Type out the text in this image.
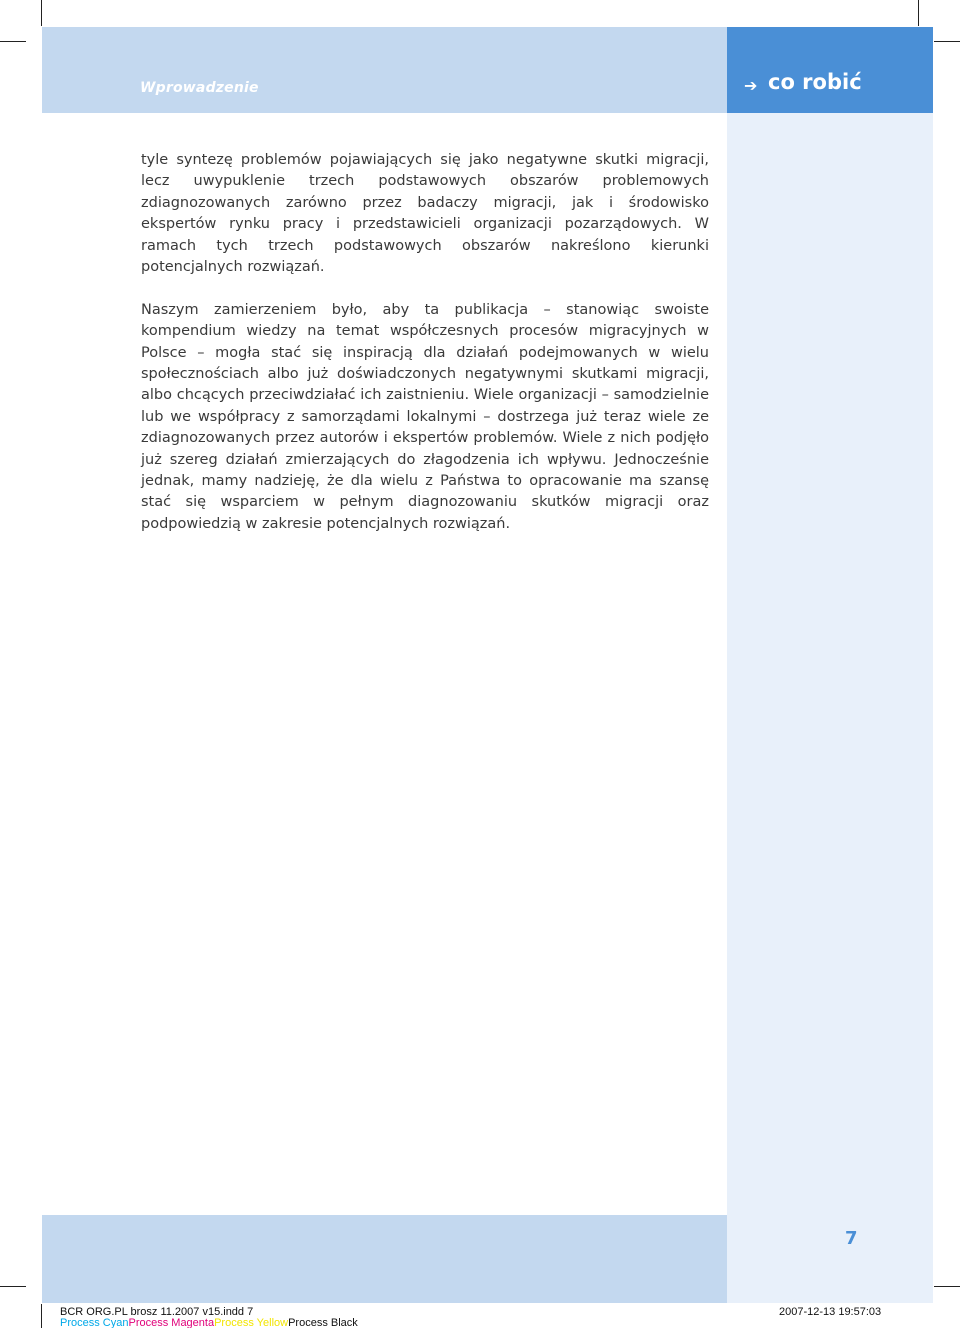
Wprowadzenie	➔ co robić

tyle syntezę problemów pojawiających się jako negatywne skutki migracji, lecz uwypuklenie trzech podstawowych obszarów problemowych zdiagnozowanych zarówno przez badaczy migracji, jak i środowisko ekspertów rynku pracy i przedstawicieli organizacji pozarządowych. W ramach tych trzech podstawowych obszarów nakreślono kierunki potencjalnych rozwiązań.

Naszym zamierzeniem było, aby ta publikacja – stanowiąc swoiste kompendium wiedzy na temat współczesnych procesów migracyjnych w Polsce – mogła stać się inspiracją dla działań podejmowanych w wielu społecznościach albo już doświadczonych negatywnymi skutkami migracji, albo chcących przeciwdziałać ich zaistnieniu. Wiele organizacji – samodzielnie lub we współpracy z samorządami lokalnymi – dostrzega już teraz wiele ze zdiagnozowanych przez autorów i ekspertów problemów. Wiele z nich podjęło już szereg działań zmierzających do złagodzenia ich wpływu. Jednocześnie jednak, mamy nadzieję, że dla wielu z Państwa to opracowanie ma szansę stać się wsparciem w pełnym diagnozowaniu skutków migracji oraz podpowiedzią w zakresie potencjalnych rozwiązań.

7
BCR ORG.PL brosz 11.2007 v15.indd 7	2007-12-13 19:57:03
Process CyanProcess MagentaProcess YellowProcess Black
